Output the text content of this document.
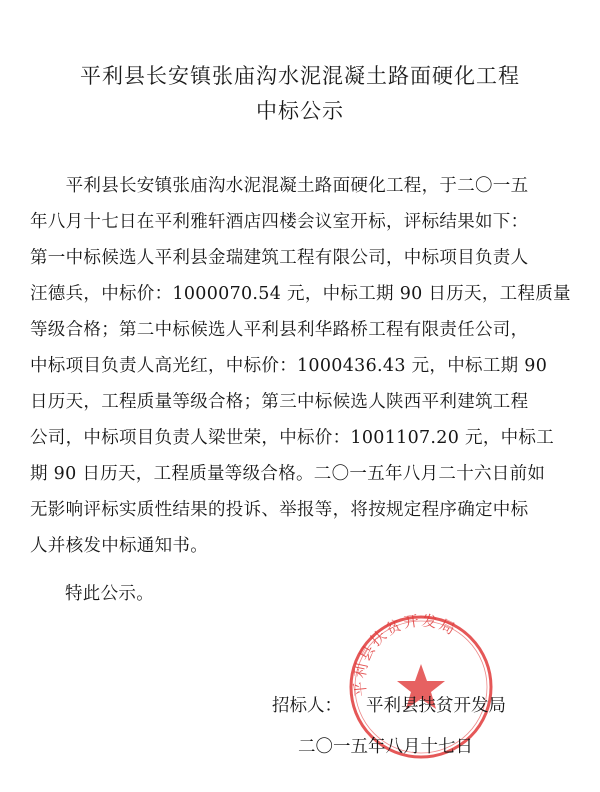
平利县长安镇张庙沟水泥混凝土路面硬化工程
中标公示
　　平利县长安镇张庙沟水泥混凝土路面硬化工程，于二〇一五
年八月十七日在平利雅轩酒店四楼会议室开标，评标结果如下：
第一中标候选人平利县金瑞建筑工程有限公司，中标项目负责人
汪德兵，中标价：1000070.54 元，中标工期 90 日历天，工程质量
等级合格；第二中标候选人平利县利华路桥工程有限责任公司，
中标项目负责人高光红，中标价：1000436.43 元，中标工期 90
日历天，工程质量等级合格；第三中标候选人陕西平利建筑工程
公司，中标项目负责人梁世荣，中标价：1001107.20 元，中标工
期 90 日历天，工程质量等级合格。二〇一五年八月二十六日前如
无影响评标实质性结果的投诉、举报等，将按规定程序确定中标
人并核发中标通知书。
特此公示。
平利县扶贫开发局
招标人： 平利县扶贫开发局
二〇一五年八月十七日
